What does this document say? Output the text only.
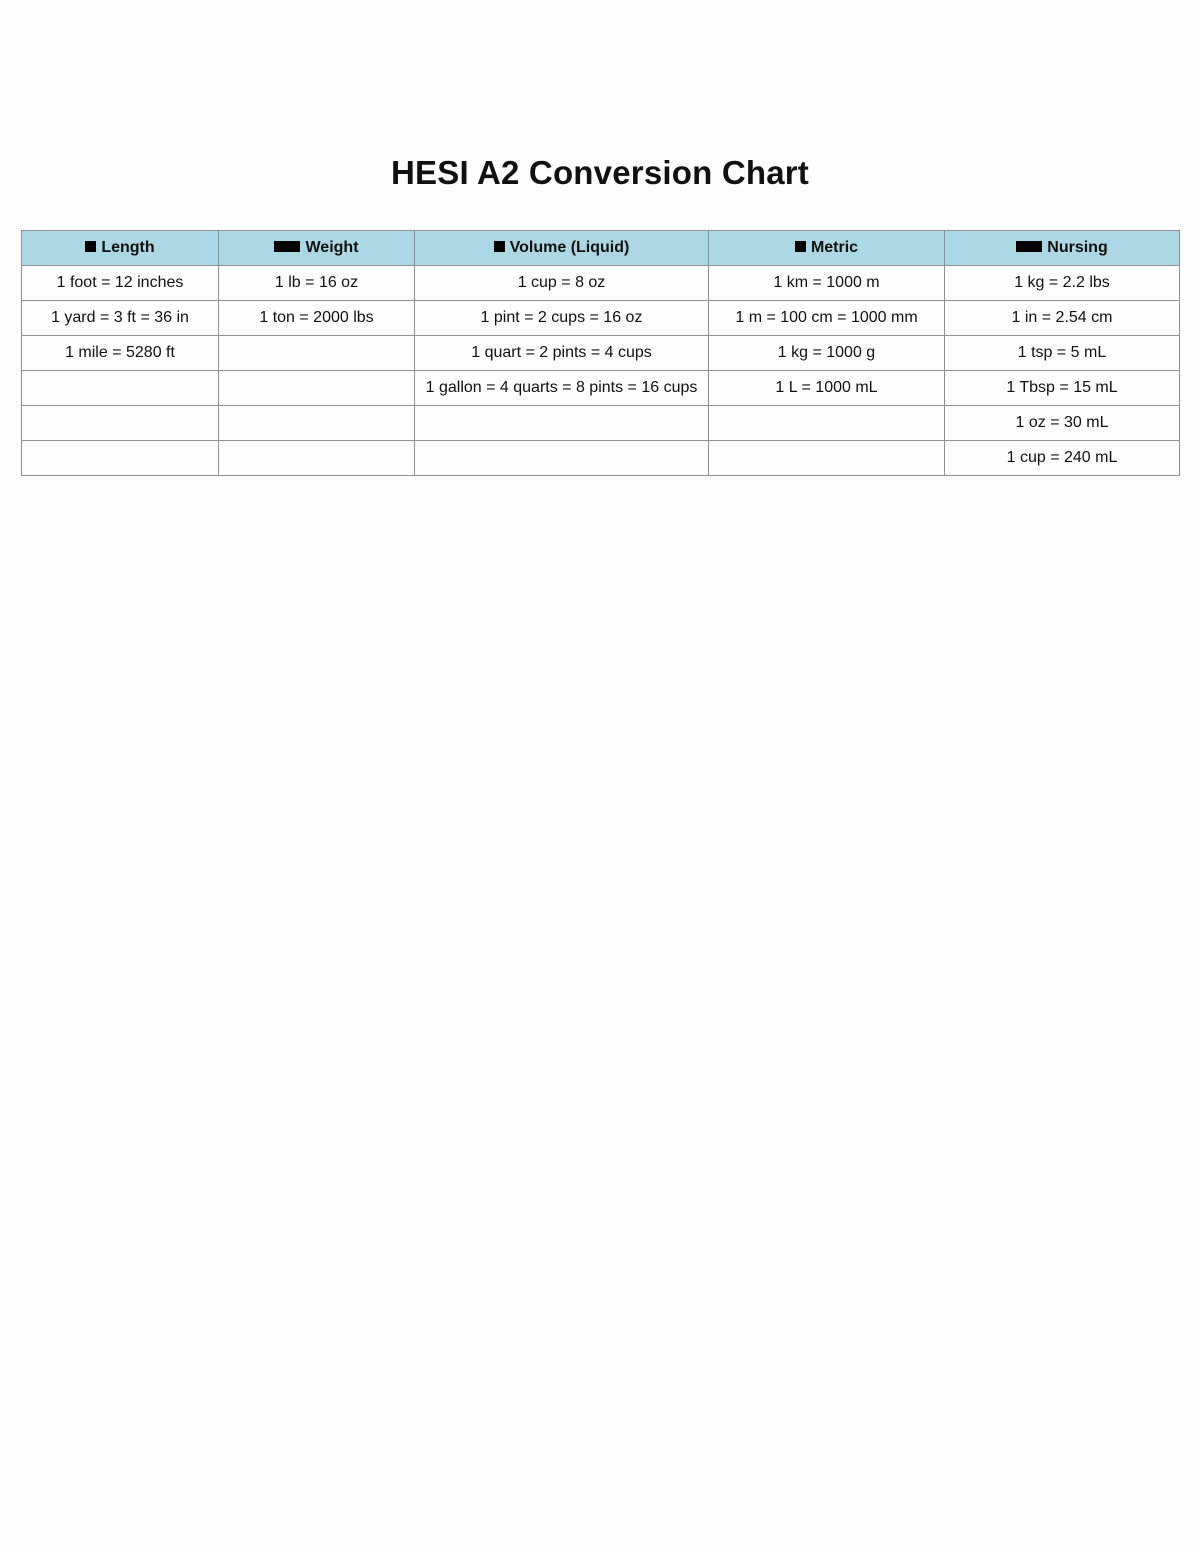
HESI A2 Conversion Chart
Length	Weight	Volume (Liquid)	Metric	Nursing
1 foot = 12 inches	1 lb = 16 oz	1 cup = 8 oz	1 km = 1000 m	1 kg = 2.2 lbs
1 yard = 3 ft = 36 in	1 ton = 2000 lbs	1 pint = 2 cups = 16 oz	1 m = 100 cm = 1000 mm	1 in = 2.54 cm
1 mile = 5280 ft		1 quart = 2 pints = 4 cups	1 kg = 1000 g	1 tsp = 5 mL
		1 gallon = 4 quarts = 8 pints = 16 cups	1 L = 1000 mL	1 Tbsp = 15 mL
				1 oz = 30 mL
				1 cup = 240 mL
